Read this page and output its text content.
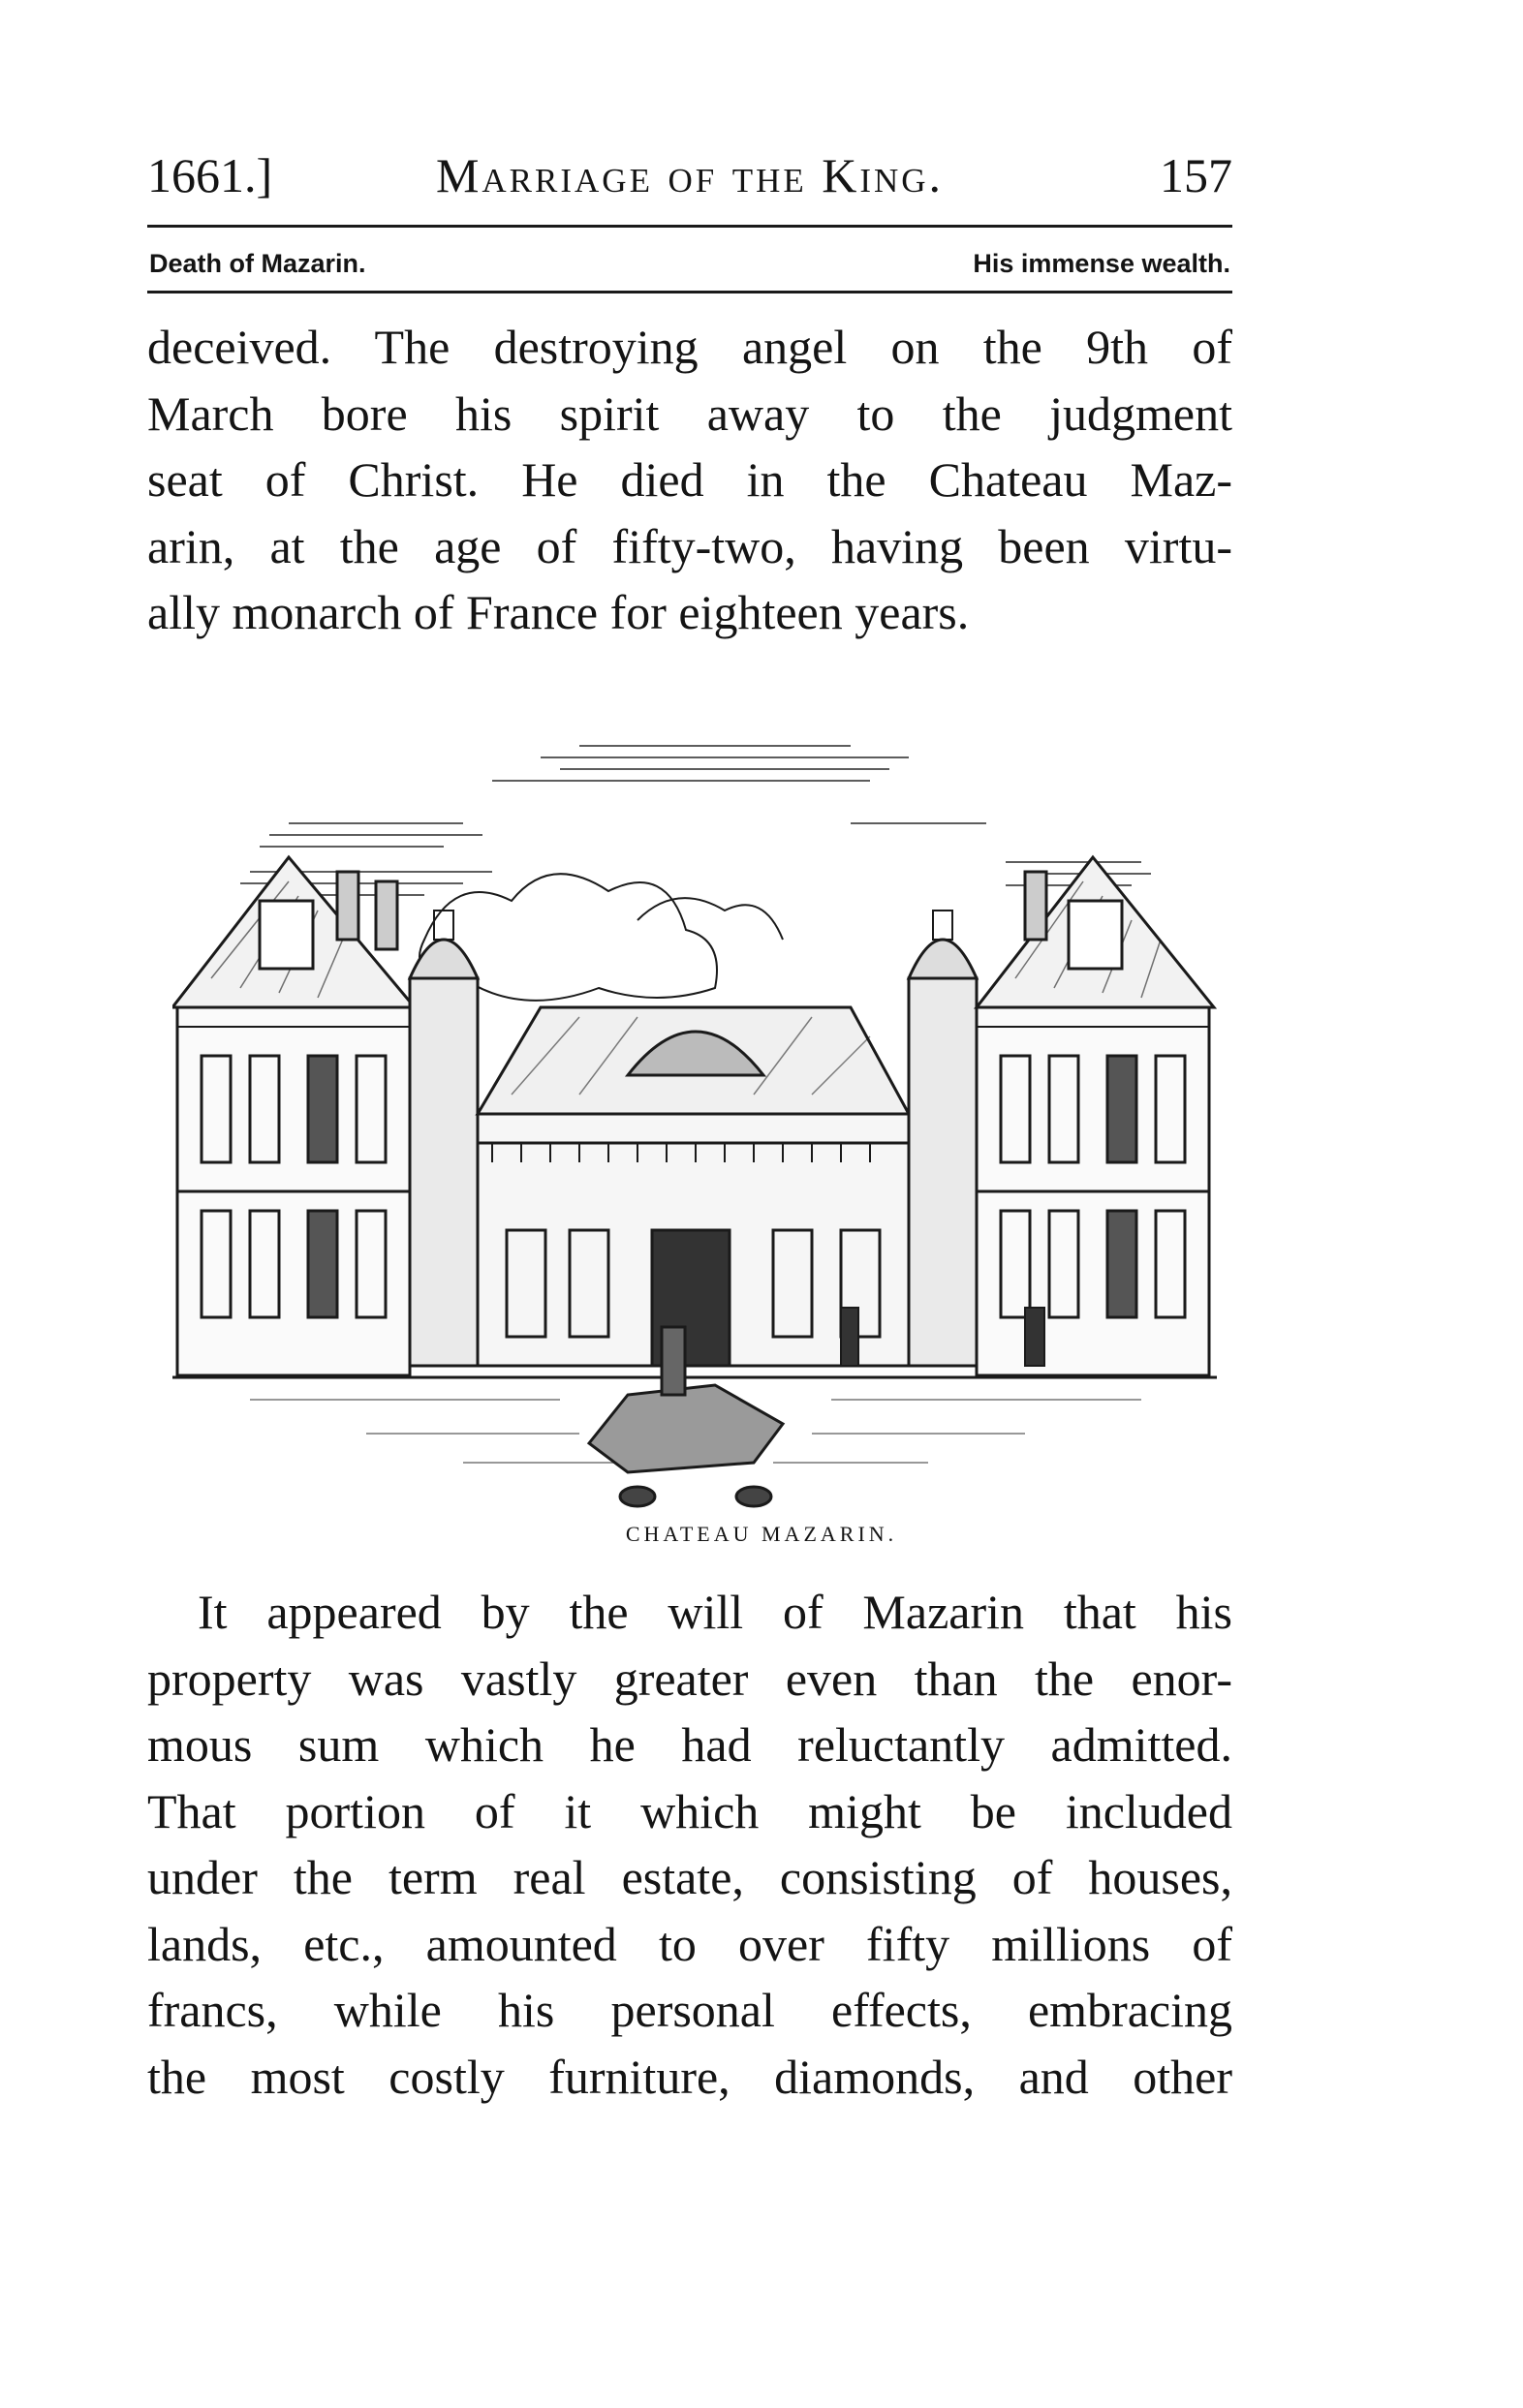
1661.]	Marriage of the King.	157
Death of Mazarin.	His immense wealth.
deceived. The destroying angel on the 9th of
March bore his spirit away to the judgment
seat of Christ. He died in the Chateau Maz-
arin, at the age of fifty-two, having been virtu-
ally monarch of France for eighteen years.
CHATEAU MAZARIN.
It appeared by the will of Mazarin that his
property was vastly greater even than the enor-
mous sum which he had reluctantly admitted.
That portion of it which might be included
under the term real estate, consisting of houses,
lands, etc., amounted to over fifty millions of
francs, while his personal effects, embracing
the most costly furniture, diamonds, and other
